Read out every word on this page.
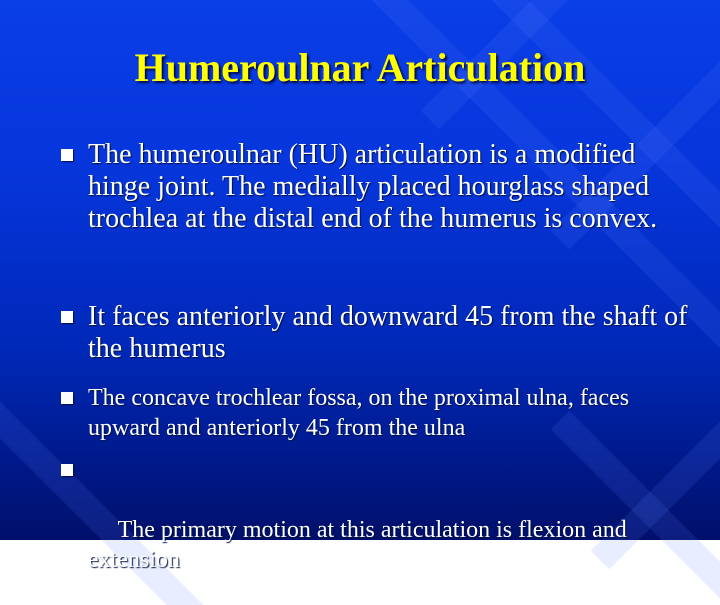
Humeroulnar Articulation
The humeroulnar (HU) articulation is a modified hinge joint. The medially placed hourglass shaped trochlea at the distal end of the humerus is convex.
It faces anteriorly and downward 45 from the shaft of the humerus
The concave trochlear fossa, on the proximal ulna, faces upward and anteriorly 45 from the ulna

The primary motion at this articulation is flexion and extension
